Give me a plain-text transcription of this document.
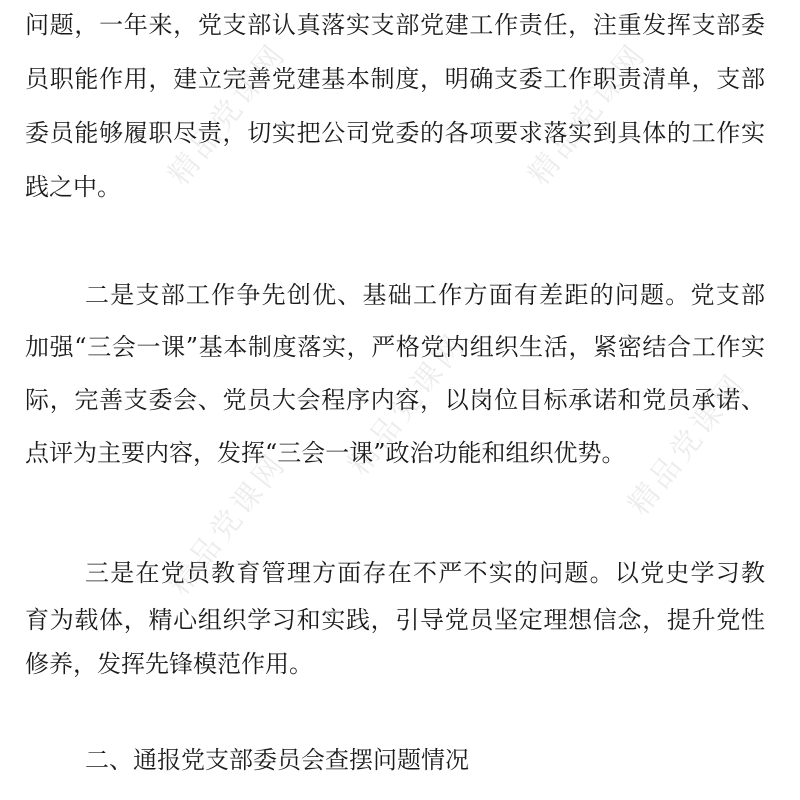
精品党课网	精品党课网
精品党课网	精品党课网
精品党课网
问题，一年来，党支部认真落实支部党建工作责任，注重发挥支部委
员职能作用，建立完善党建基本制度，明确支委工作职责清单，支部
委员能够履职尽责，切实把公司党委的各项要求落实到具体的工作实
践之中。
二是支部工作争先创优、基础工作方面有差距的问题。党支部
加强“三会一课”基本制度落实，严格党内组织生活，紧密结合工作实
际，完善支委会、党员大会程序内容，以岗位目标承诺和党员承诺、
点评为主要内容，发挥“三会一课”政治功能和组织优势。
三是在党员教育管理方面存在不严不实的问题。以党史学习教
育为载体，精心组织学习和实践，引导党员坚定理想信念，提升党性
修养，发挥先锋模范作用。
二、通报党支部委员会查摆问题情况
